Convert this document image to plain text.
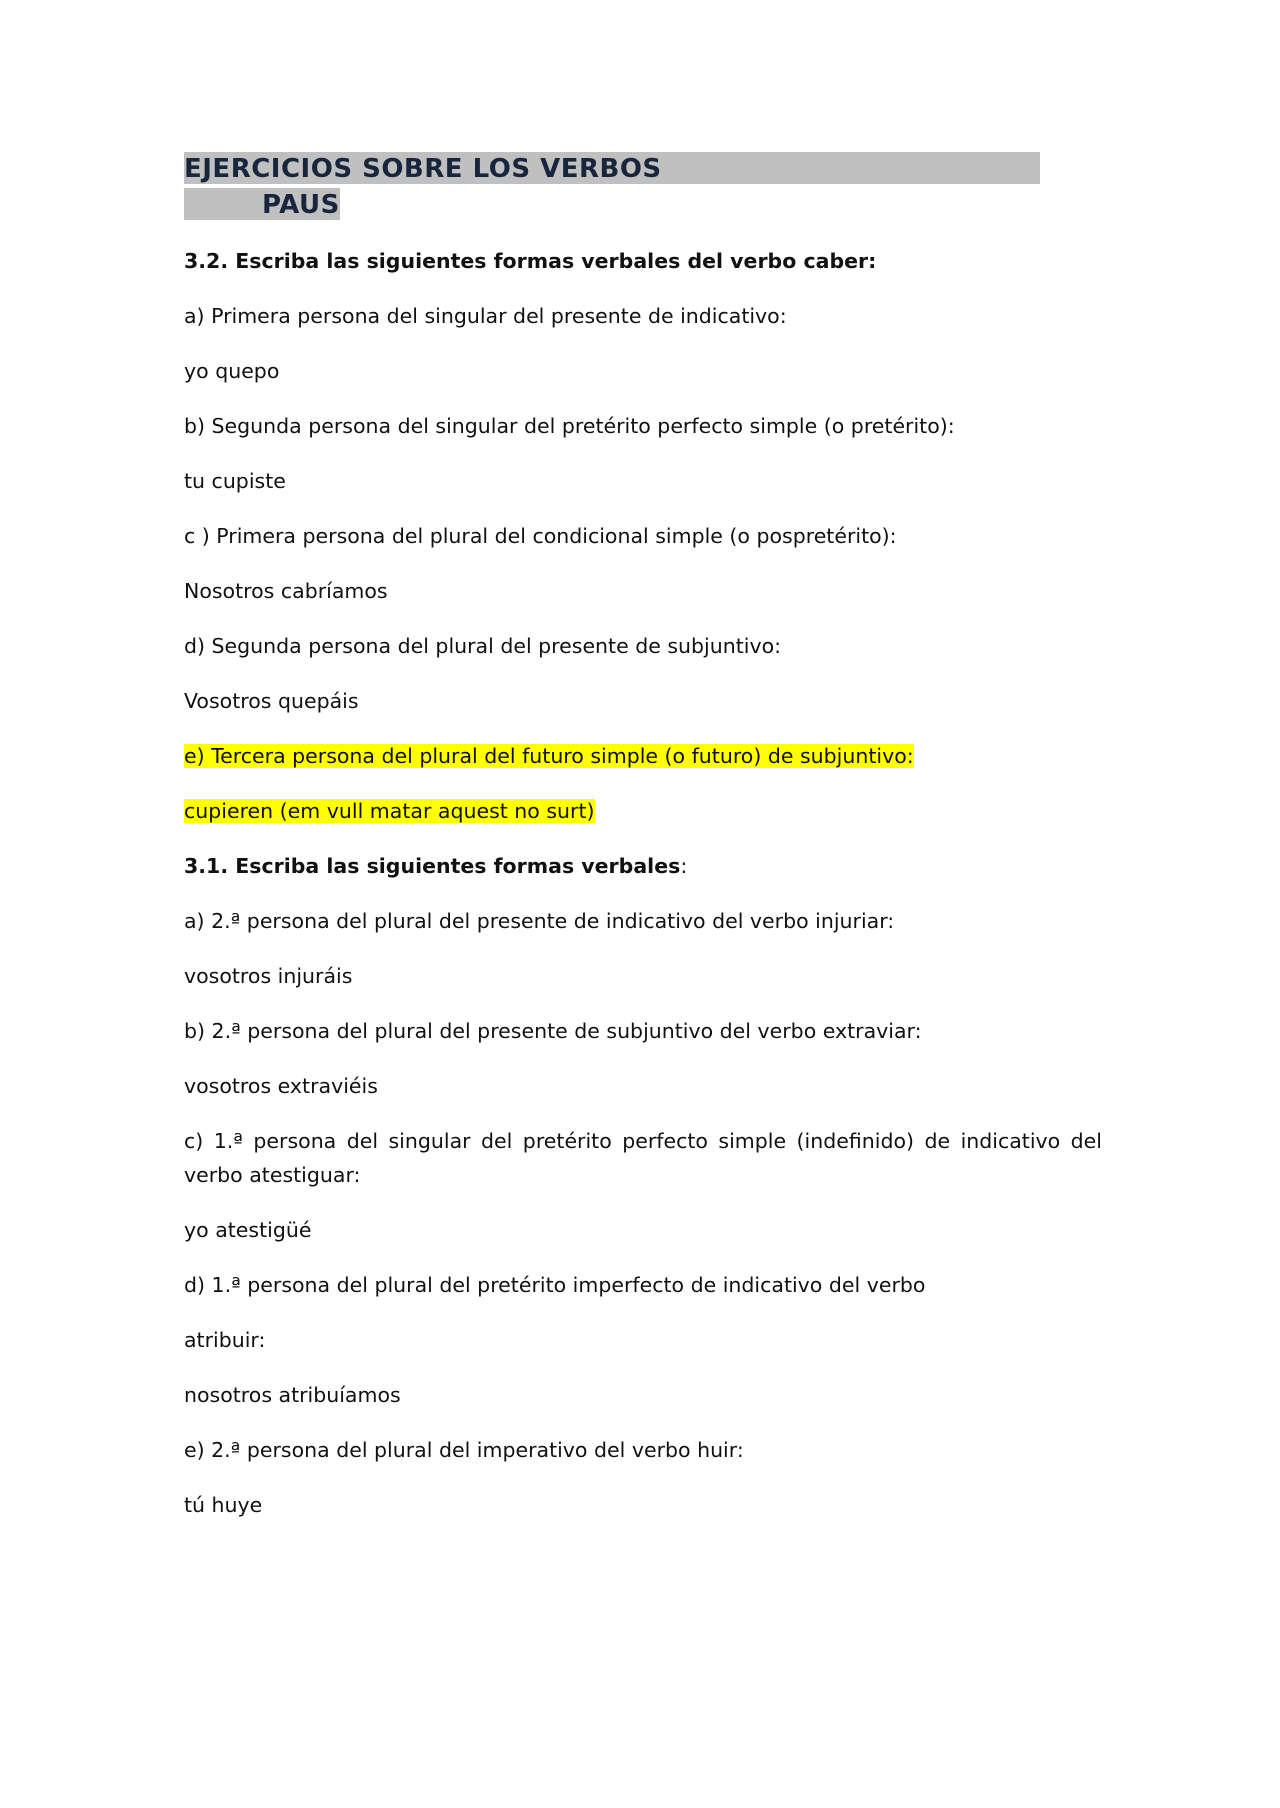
EJERCICIOS SOBRE LOS VERBOS
PAUS
3.2. Escriba las siguientes formas verbales del verbo caber:
a) Primera persona del singular del presente de indicativo:
yo quepo
b) Segunda persona del singular del pretérito perfecto simple (o pretérito):
tu cupiste
c ) Primera persona del plural del condicional simple (o pospretérito):
Nosotros cabríamos
d) Segunda persona del plural del presente de subjuntivo:
Vosotros quepáis
e) Tercera persona del plural del futuro simple (o futuro) de subjuntivo:
cupieren (em vull matar aquest no surt)
3.1. Escriba las siguientes formas verbales:
a) 2.ª persona del plural del presente de indicativo del verbo injuriar:
vosotros injuráis
b) 2.ª persona del plural del presente de subjuntivo del verbo extraviar:
vosotros extraviéis
c) 1.ª persona del singular del pretérito perfecto simple (indefinido) de indicativo del verbo atestiguar:
yo atestigüé
d) 1.ª persona del plural del pretérito imperfecto de indicativo del verbo
atribuir:
nosotros atribuíamos
e) 2.ª persona del plural del imperativo del verbo huir:
tú huye
